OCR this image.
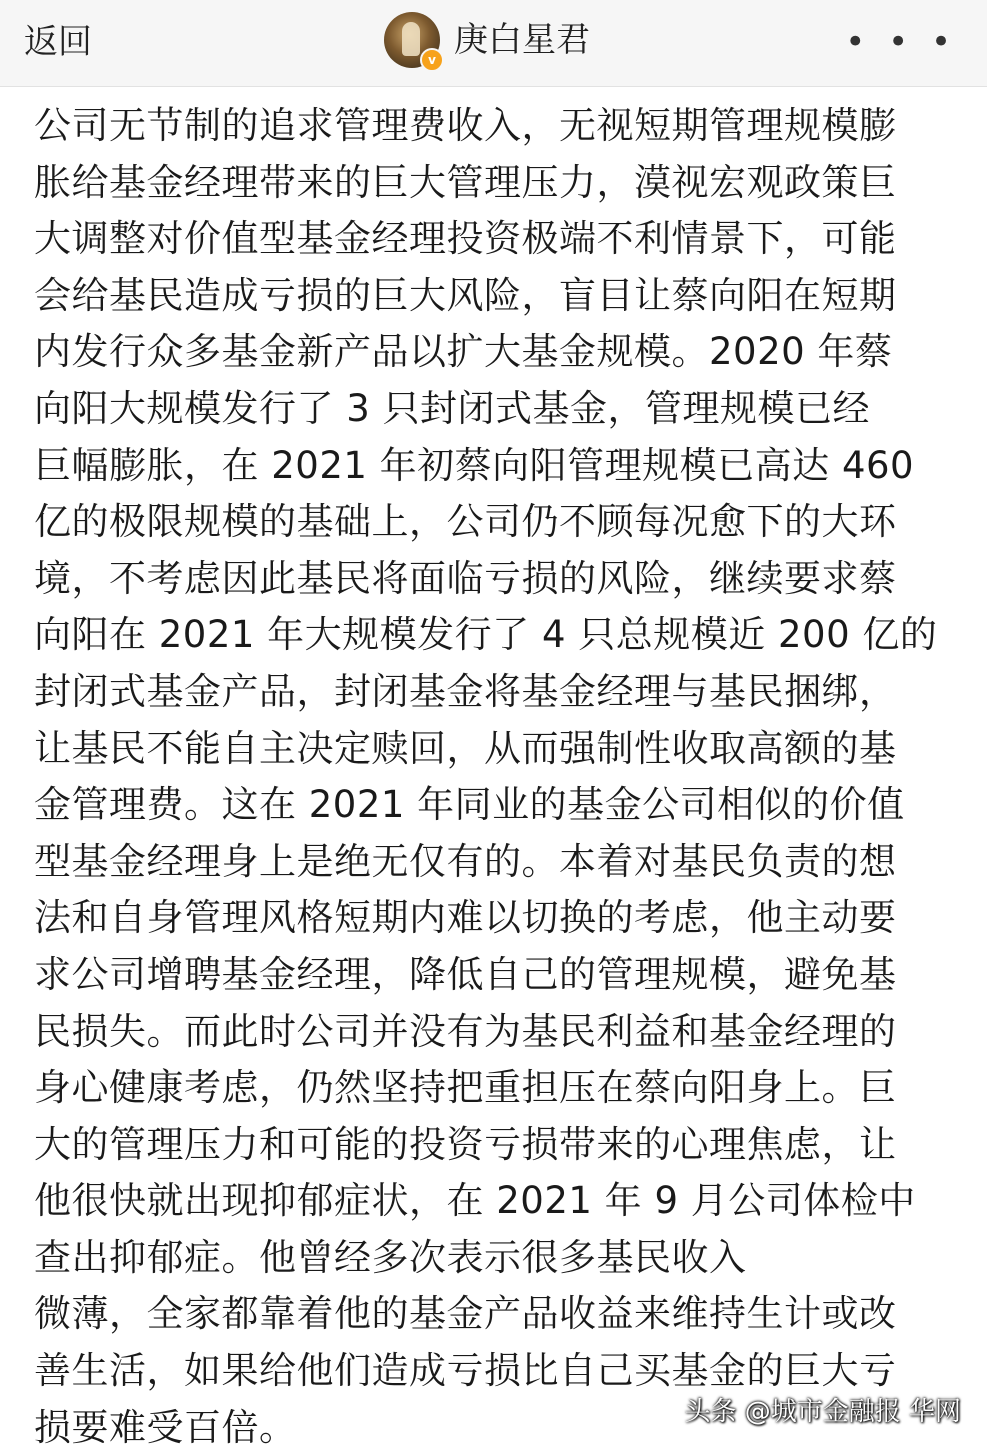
返回	v 庚白星君	• • •
公司无节制的追求管理费收入，无视短期管理规模膨
胀给基金经理带来的巨大管理压力，漠视宏观政策巨
大调整对价值型基金经理投资极端不利情景下，可能
会给基民造成亏损的巨大风险，盲目让蔡向阳在短期
内发行众多基金新产品以扩大基金规模。2020 年蔡
向阳大规模发行了 3 只封闭式基金，管理规模已经
巨幅膨胀，在 2021 年初蔡向阳管理规模已高达 460
亿的极限规模的基础上，公司仍不顾每况愈下的大环
境，不考虑因此基民将面临亏损的风险，继续要求蔡
向阳在 2021 年大规模发行了 4 只总规模近 200 亿的
封闭式基金产品，封闭基金将基金经理与基民捆绑，
让基民不能自主决定赎回，从而强制性收取高额的基
金管理费。这在 2021 年同业的基金公司相似的价值
型基金经理身上是绝无仅有的。本着对基民负责的想
法和自身管理风格短期内难以切换的考虑，他主动要
求公司增聘基金经理，降低自己的管理规模，避免基
民损失。而此时公司并没有为基民利益和基金经理的
身心健康考虑，仍然坚持把重担压在蔡向阳身上。巨
大的管理压力和可能的投资亏损带来的心理焦虑，让
他很快就出现抑郁症状，在 2021 年 9 月公司体检中
查出抑郁症。他曾经多次表示很多基民收入
微薄，全家都靠着他的基金产品收益来维持生计或改
善生活，如果给他们造成亏损比自己买基金的巨大亏
损要难受百倍。	头条 @城市金融报 华网
